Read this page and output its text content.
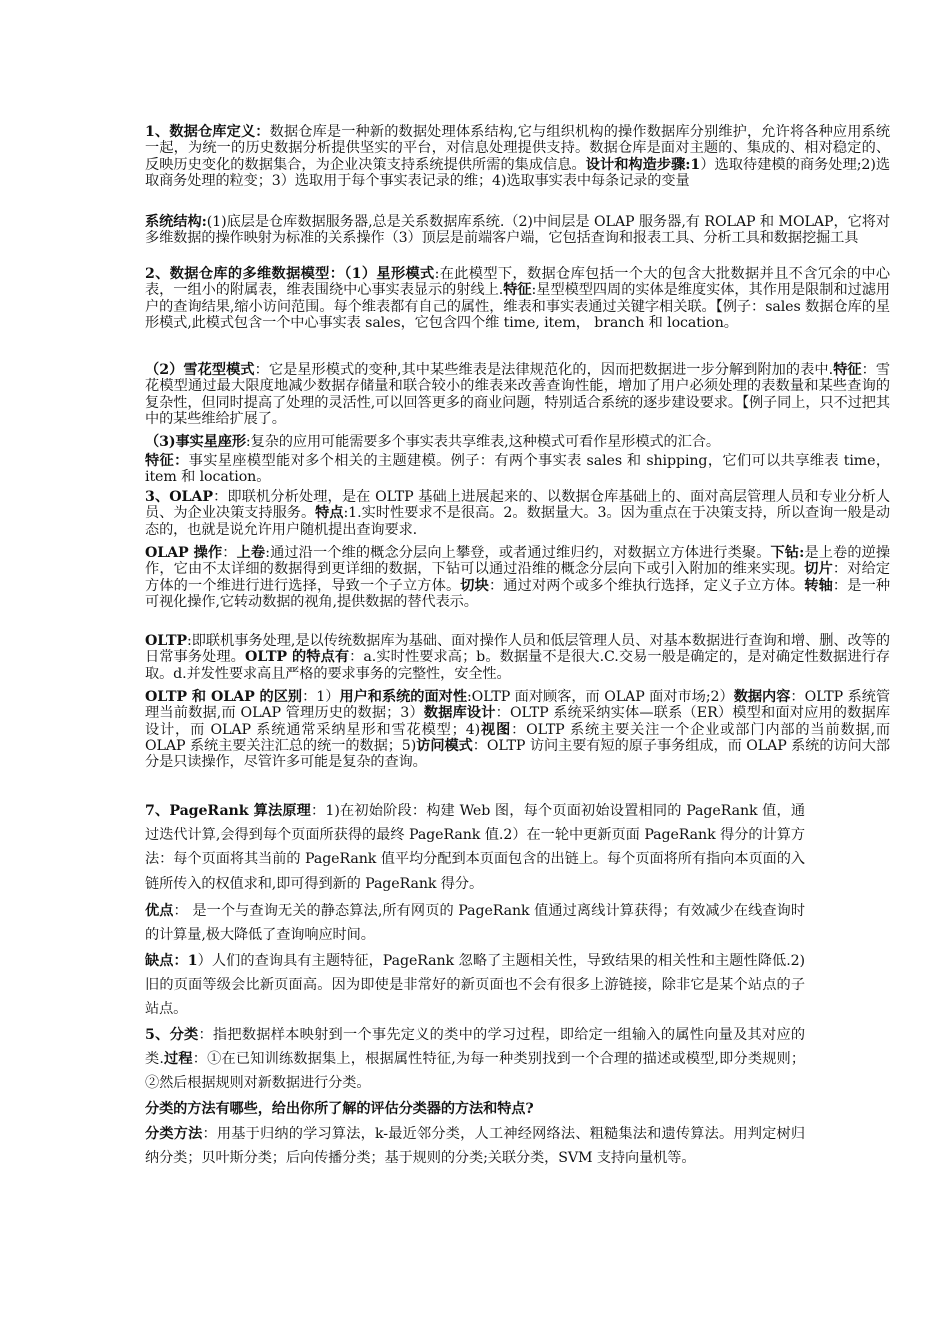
1、数据仓库定义：数据仓库是一种新的数据处理体系结构,它与组织机构的操作数据库分别维护，允许将各种应用系统一起，为统一的历史数据分析提供坚实的平台，对信息处理提供支持。数据仓库是面对主题的、集成的、相对稳定的、反映历史变化的数据集合，为企业决策支持系统提供所需的集成信息。设计和构造步骤:1）选取待建模的商务处理;2)选取商务处理的粒变；3）选取用于每个事实表记录的维；4)选取事实表中每条记录的变量

系统结构:(1)底层是仓库数据服务器,总是关系数据库系统.（2)中间层是 OLAP 服务器,有 ROLAP 和 MOLAP，它将对多维数据的操作映射为标准的关系操作（3）顶层是前端客户端，它包括查询和报表工具、分析工具和数据挖掘工具

2、数据仓库的多维数据模型：（1）星形模式:在此模型下，数据仓库包括一个大的包含大批数据并且不含冗余的中心表，一组小的附属表，维表围绕中心事实表显示的射线上.特征:星型模型四周的实体是维度实体，其作用是限制和过滤用户的查询结果,缩小访问范围。每个维表都有自己的属性，维表和事实表通过关键字相关联。【例子：sales 数据仓库的星形模式,此模式包含一个中心事实表 sales，它包含四个维 time, item， branch 和 location。

（2）雪花型模式：它是星形模式的变种,其中某些维表是法律规范化的，因而把数据进一步分解到附加的表中.特征：雪花模型通过最大限度地减少数据存储量和联合较小的维表来改善查询性能，增加了用户必须处理的表数量和某些查询的复杂性，但同时提高了处理的灵活性,可以回答更多的商业问题，特别适合系统的逐步建设要求。【例子同上，只不过把其中的某些维给扩展了。

（3)事实星座形:复杂的应用可能需要多个事实表共享维表,这种模式可看作星形模式的汇合。

特征：事实星座模型能对多个相关的主题建模。例子：有两个事实表 sales 和 shipping，它们可以共享维表 time， item 和 location。

3、OLAP：即联机分析处理，是在 OLTP 基础上进展起来的、以数据仓库基础上的、面对高层管理人员和专业分析人员、为企业决策支持服务。特点:1.实时性要求不是很高。2。数据量大。3。因为重点在于决策支持，所以查询一般是动态的，也就是说允许用户随机提出查询要求.

OLAP 操作：上卷:通过沿一个维的概念分层向上攀登，或者通过维归约，对数据立方体进行类聚。下钻:是上卷的逆操作，它由不太详细的数据得到更详细的数据，下钻可以通过沿维的概念分层向下或引入附加的维来实现。切片：对给定方体的一个维进行进行选择，导致一个子立方体。切块：通过对两个或多个维执行选择，定义子立方体。转轴：是一种可视化操作,它转动数据的视角,提供数据的替代表示。

OLTP:即联机事务处理,是以传统数据库为基础、面对操作人员和低层管理人员、对基本数据进行查询和增、删、改等的日常事务处理。OLTP 的特点有：a.实时性要求高；b。数据量不是很大.C.交易一般是确定的，是对确定性数据进行存取。d.并发性要求高且严格的要求事务的完整性，安全性。

OLTP 和 OLAP 的区别：1）用户和系统的面对性:OLTP 面对顾客，而 OLAP 面对市场;2）数据内容：OLTP 系统管理当前数据,而 OLAP 管理历史的数据；3）数据库设计：OLTP 系统采纳实体—联系（ER）模型和面对应用的数据库设计，而 OLAP 系统通常采纳星形和雪花模型；4)视图：OLTP 系统主要关注一个企业或部门内部的当前数据,而 OLAP 系统主要关注汇总的统一的数据；5)访问模式：OLTP 访问主要有短的原子事务组成，而 OLAP 系统的访问大部分是只读操作，尽管许多可能是复杂的查询。

7、PageRank 算法原理：1)在初始阶段：构建 Web 图，每个页面初始设置相同的 PageRank 值，通过迭代计算,会得到每个页面所获得的最终 PageRank 值.2）在一轮中更新页面 PageRank 得分的计算方法：每个页面将其当前的 PageRank 值平均分配到本页面包含的出链上。每个页面将所有指向本页面的入链所传入的权值求和,即可得到新的 PageRank 得分。

优点： 是一个与查询无关的静态算法,所有网页的 PageRank 值通过离线计算获得；有效减少在线查询时的计算量,极大降低了查询响应时间。

缺点：1）人们的查询具有主题特征，PageRank 忽略了主题相关性，导致结果的相关性和主题性降低.2)旧的页面等级会比新页面高。因为即使是非常好的新页面也不会有很多上游链接，除非它是某个站点的子站点。

5、分类：指把数据样本映射到一个事先定义的类中的学习过程，即给定一组输入的属性向量及其对应的类.过程：①在已知训练数据集上，根据属性特征,为每一种类别找到一个合理的描述或模型,即分类规则；②然后根据规则对新数据进行分类。

分类的方法有哪些，给出你所了解的评估分类器的方法和特点?

分类方法：用基于归纳的学习算法，k-最近邻分类，人工神经网络法、粗糙集法和遗传算法。用判定树归纳分类；贝叶斯分类；后向传播分类；基于规则的分类;关联分类，SVM 支持向量机等。
